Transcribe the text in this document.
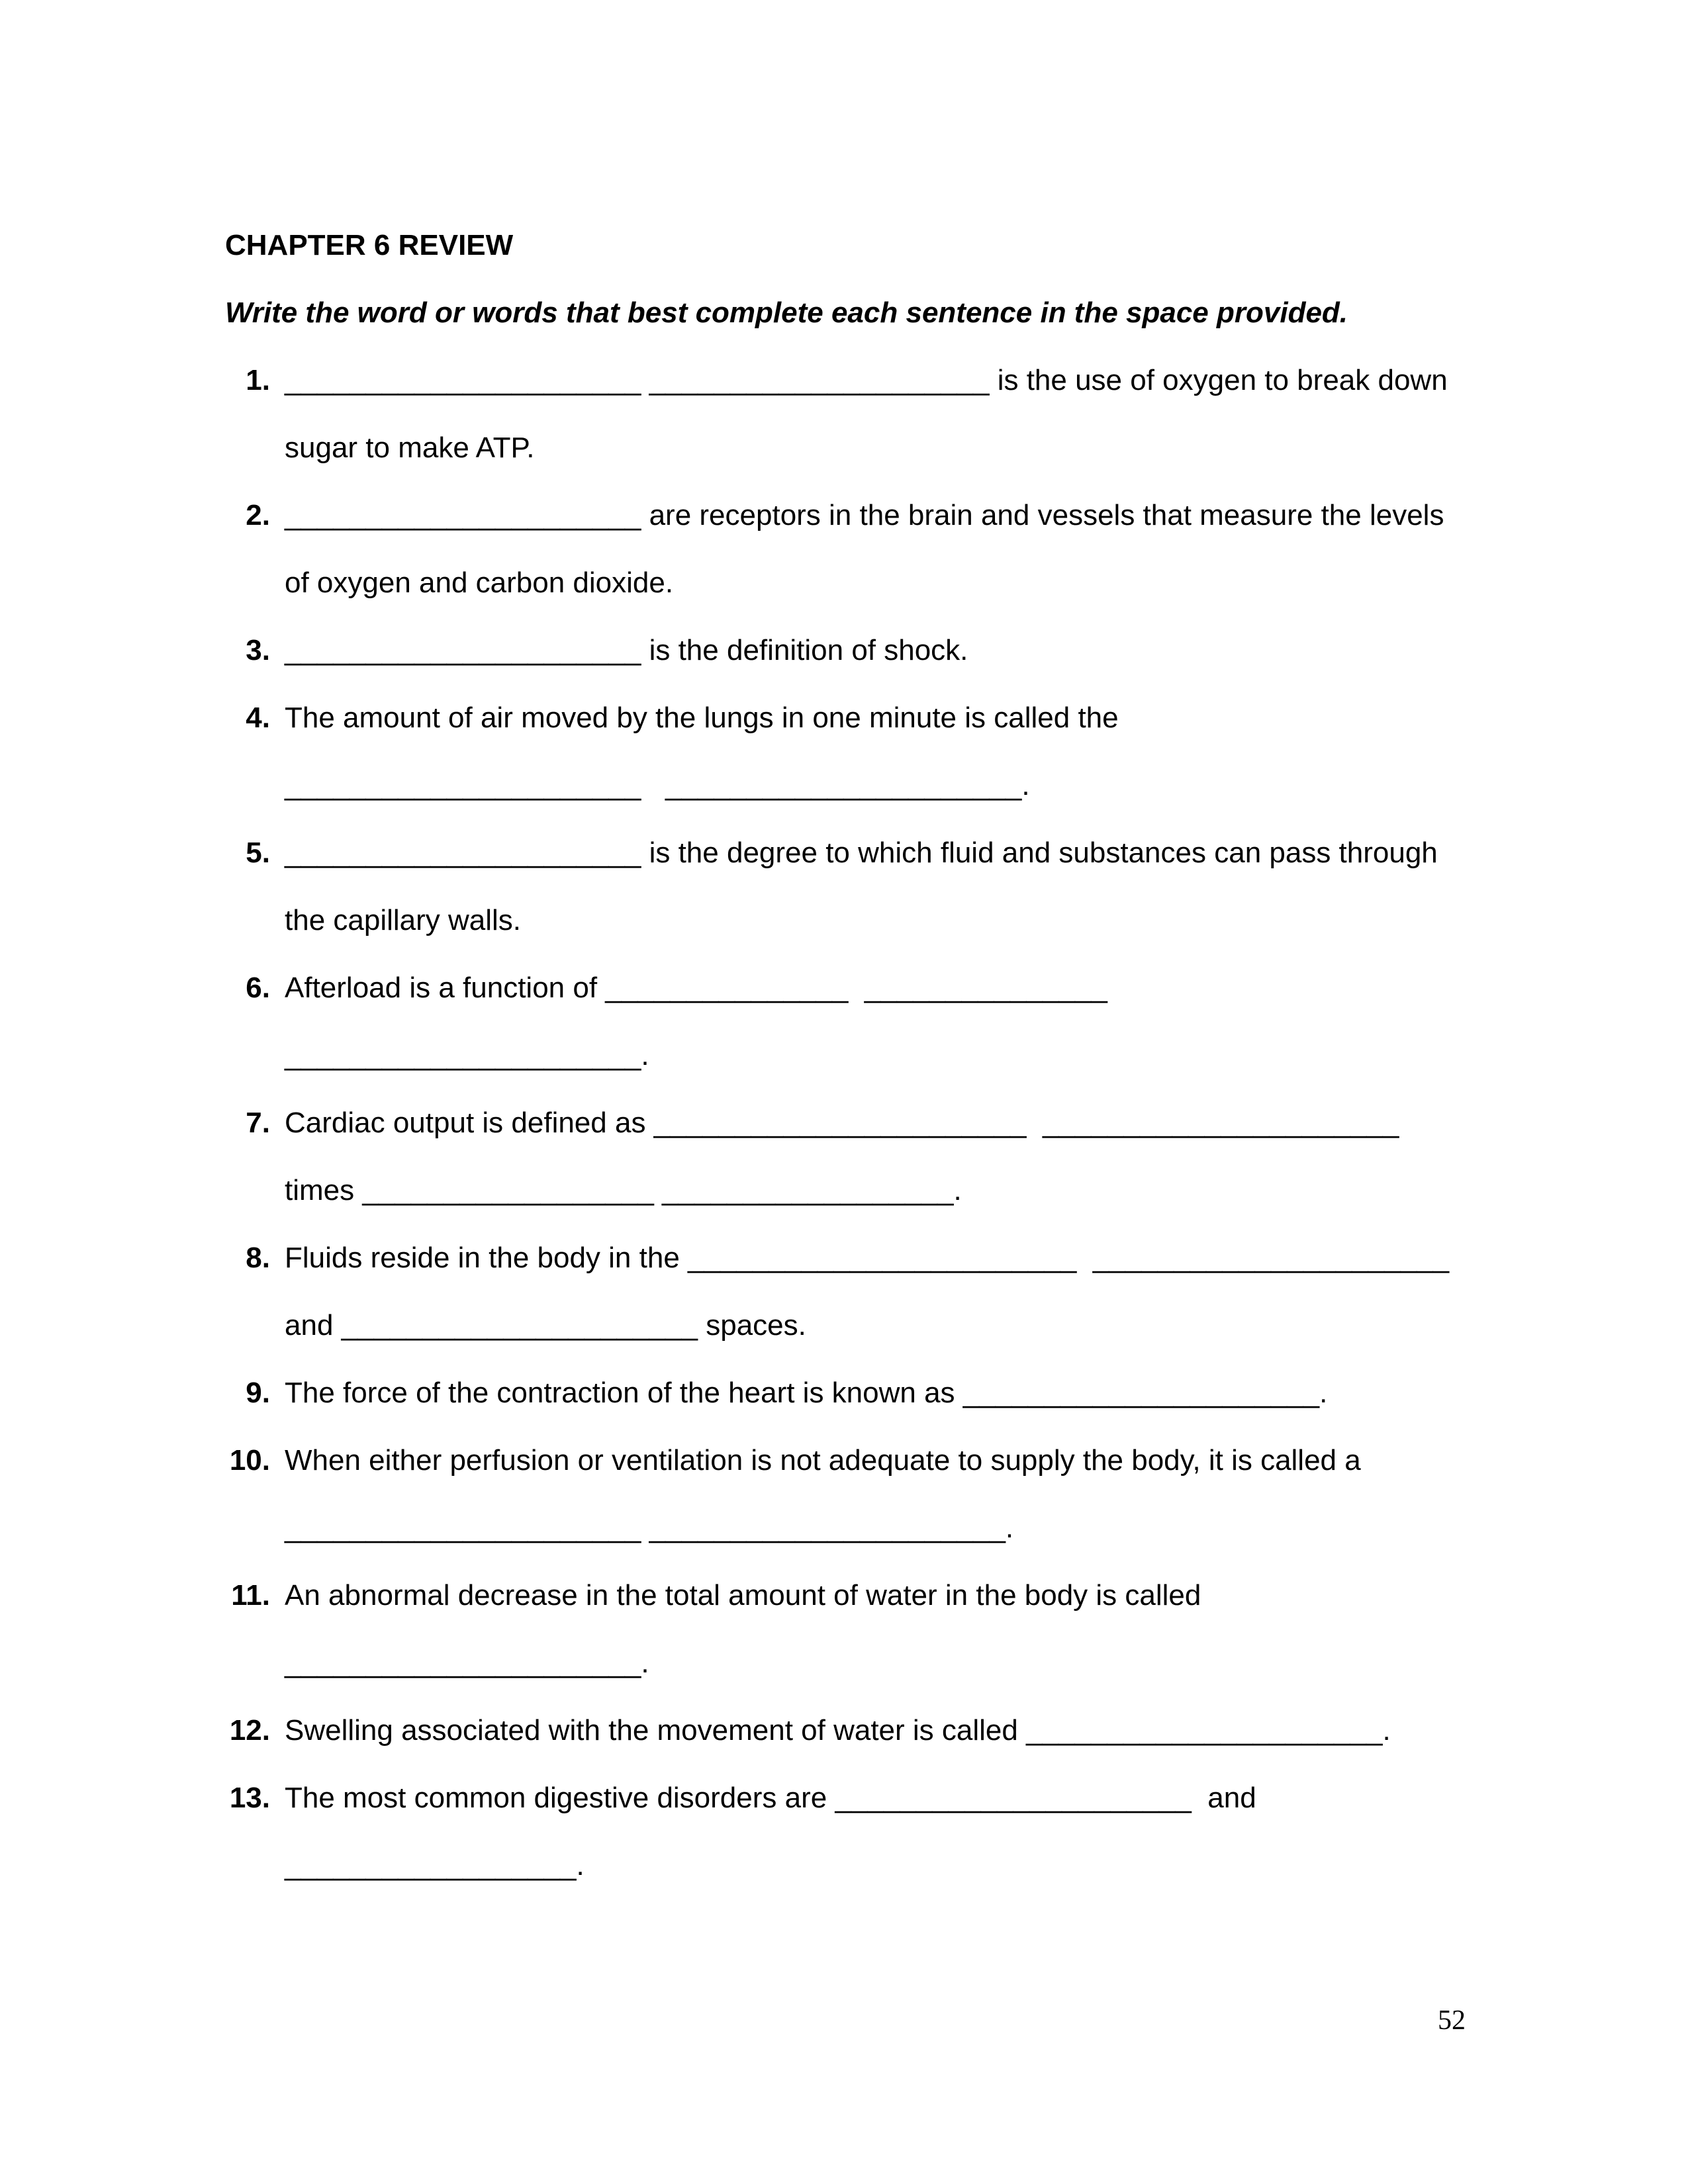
CHAPTER 6 REVIEW
Write the word or words that best complete each sentence in the space provided.
1. ______________________ _____________________ is the use of oxygen to break down
sugar to make ATP.
2. ______________________ are receptors in the brain and vessels that measure the levels
of oxygen and carbon dioxide.
3. ______________________ is the definition of shock.
4. The amount of air moved by the lungs in one minute is called the
______________________   ______________________.
5. ______________________ is the degree to which fluid and substances can pass through
the capillary walls.
6. Afterload is a function of _______________  _______________
______________________.
7. Cardiac output is defined as _______________________  ______________________
times __________________ __________________.
8. Fluids reside in the body in the ________________________  ______________________
and ______________________ spaces.
9. The force of the contraction of the heart is known as ______________________.
10. When either perfusion or ventilation is not adequate to supply the body, it is called a
______________________ ______________________.
11. An abnormal decrease in the total amount of water in the body is called
______________________.
12. Swelling associated with the movement of water is called ______________________.
13. The most common digestive disorders are ______________________  and
__________________.
52
